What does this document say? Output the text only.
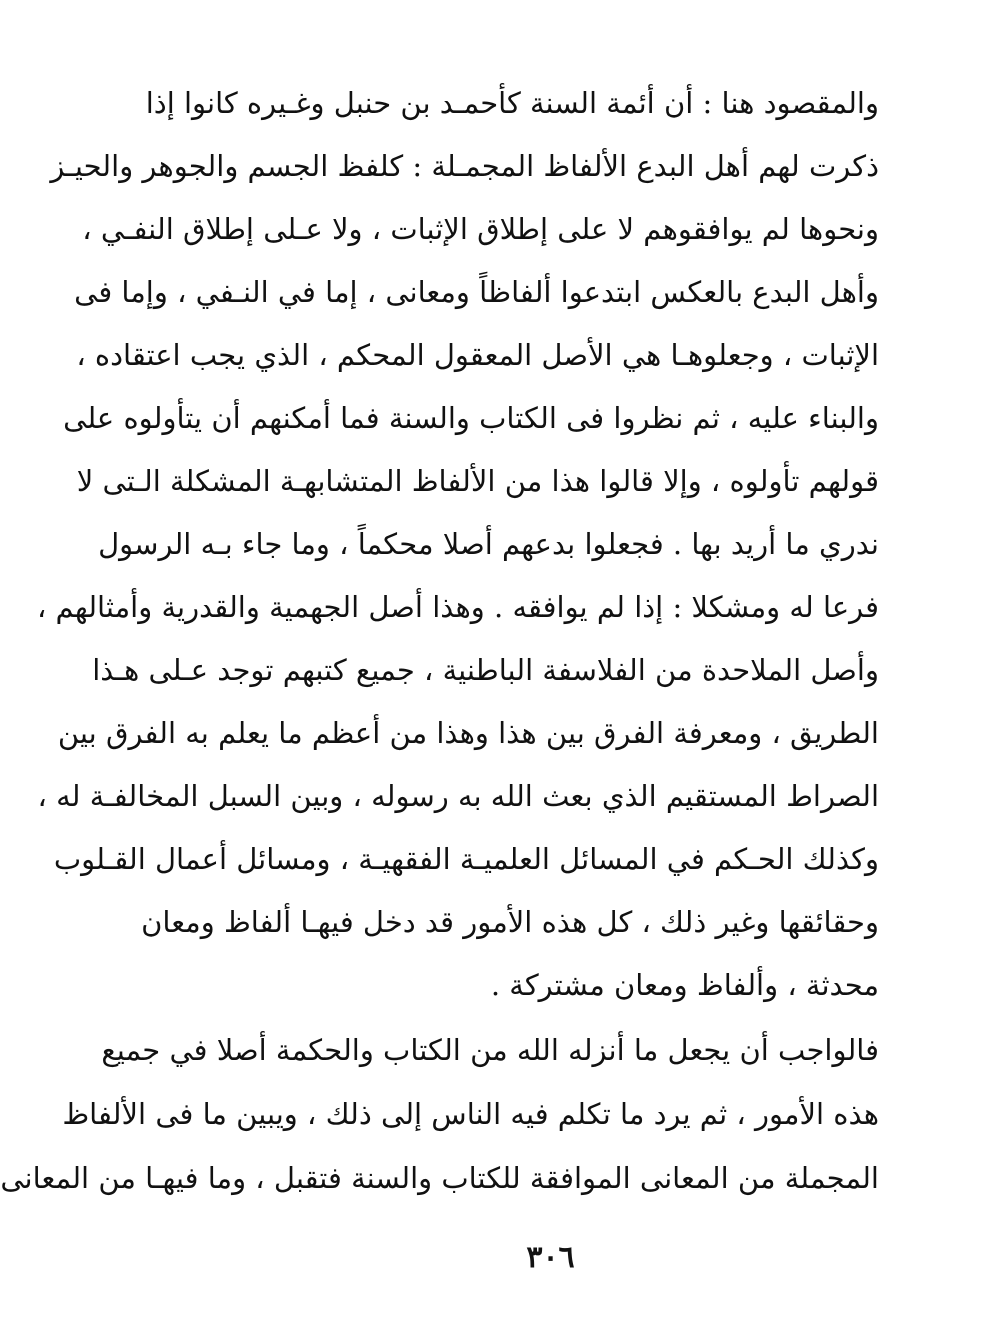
والمقصود هنا : أن أئمة السنة كأحمـد بن حنبل وغـيره كانوا إذا
ذكرت لهم أهل البدع الألفاظ المجمـلة : كلفظ الجسم والجوهر والحيـز
ونحوها لم يوافقوهم لا على إطلاق الإثبات ، ولا عـلى إطلاق النفـي ،
وأهل البدع بالعكس ابتدعوا ألفاظاً ومعانى ، إما في النـفي ، وإما فى
الإثبات ، وجعلوهـا هي الأصل المعقول المحكم ، الذي يجب اعتقاده ،
والبناء عليه ، ثم نظروا فى الكتاب والسنة فما أمكنهم أن يتأولوه على
قولهم تأولوه ، وإلا قالوا هذا من الألفاظ المتشابهـة المشكلة الـتى لا
ندري ما أريد بها . فجعلوا بدعهم أصلا محكماً ، وما جاء بـه الرسول
فرعا له ومشكلا : إذا لم يوافقه . وهذا أصل الجهمية والقدرية وأمثالهم ،
وأصل الملاحدة من الفلاسفة الباطنية ، جميع كتبهم توجد عـلى هـذا
الطريق ، ومعرفة الفرق بين هذا وهذا من أعظم ما يعلم به الفرق بين
الصراط المستقيم الذي بعث الله به رسوله ، وبين السبل المخالفـة له ،
وكذلك الحـكم في المسائل العلميـة الفقهيـة ، ومسائل أعمال القـلوب
وحقائقها وغير ذلك ، كل هذه الأمور قد دخل فيهـا ألفاظ ومعان
محدثة ، وألفاظ ومعان مشتركة .
فالواجب أن يجعل ما أنزله الله من الكتاب والحكمة أصلا في جميع
هذه الأمور ، ثم يرد ما تكلم فيه الناس إلى ذلك ، ويبين ما فى الألفاظ
المجملة من المعانى الموافقة للكتاب والسنة فتقبل ، وما فيهـا من المعانى
٣٠٦
